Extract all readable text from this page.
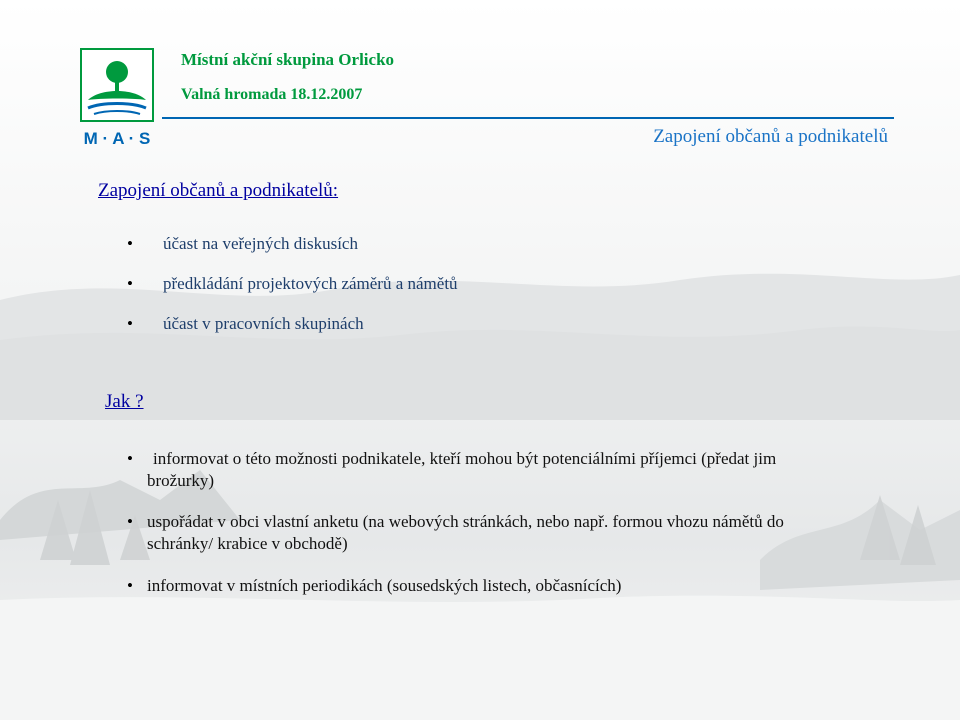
M · A · S
Místní akční skupina Orlicko
Valná hromada 18.12.2007
Zapojení občanů a podnikatelů
Zapojení občanů a podnikatelů:
• účast na veřejných diskusích
• předkládání projektových záměrů a námětů
• účast v pracovních skupinách
Jak ?
•	informovat o této možnosti podnikatele, kteří mohou být potenciálními příjemci (předat jim brožurky)
• uspořádat v obci vlastní anketu (na webových stránkách, nebo např. formou vhozu námětů do schránky/ krabice v obchodě)
• informovat v místních periodikách (sousedských listech, občasnících)
